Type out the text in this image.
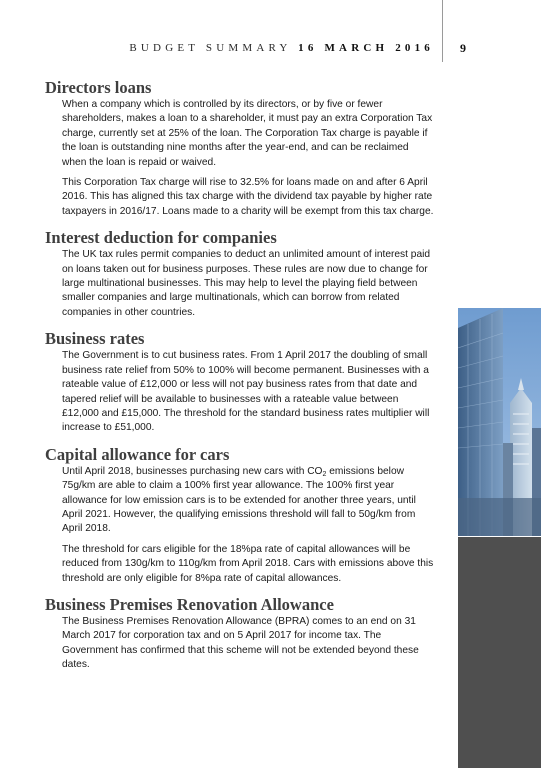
BUDGET SUMMARY 16 MARCH 2016 9
Directors loans

When a company which is controlled by its directors, or by five or fewer shareholders, makes a loan to a shareholder, it must pay an extra Corporation Tax charge, currently set at 25% of the loan. The Corporation Tax charge is payable if the loan is outstanding nine months after the year-end, and can be reclaimed when the loan is repaid or waived.

This Corporation Tax charge will rise to 32.5% for loans made on and after 6 April 2016. This has aligned this tax charge with the dividend tax payable by higher rate taxpayers in 2016/17. Loans made to a charity will be exempt from this tax charge.

Interest deduction for companies

The UK tax rules permit companies to deduct an unlimited amount of interest paid on loans taken out for business purposes. These rules are now due to change for large multinational businesses. This may help to level the playing field between smaller companies and large multinationals, which can borrow from related companies in other countries.

Business rates

The Government is to cut business rates. From 1 April 2017 the doubling of small business rate relief from 50% to 100% will become permanent. Businesses with a rateable value of £12,000 or less will not pay business rates from that date and tapered relief will be available to businesses with a rateable value between £12,000 and £15,000. The threshold for the standard business rates multiplier will increase to £51,000.

Capital allowance for cars

Until April 2018, businesses purchasing new cars with $CO_2$ emissions below 75g/km are able to claim a 100% first year allowance. The 100% first year allowance for low emission cars is to be extended for another three years, until April 2021. However, the qualifying emissions threshold will fall to 50g/km from April 2018.

The threshold for cars eligible for the 18%pa rate of capital allowances will be reduced from 130g/km to 110g/km from April 2018. Cars with emissions above this threshold are only eligible for 8%pa rate of capital allowances.

Business Premises Renovation Allowance

The Business Premises Renovation Allowance (BPRA) comes to an end on 31 March 2017 for corporation tax and on 5 April 2017 for income tax. The Government has confirmed that this scheme will not be extended beyond these dates.
